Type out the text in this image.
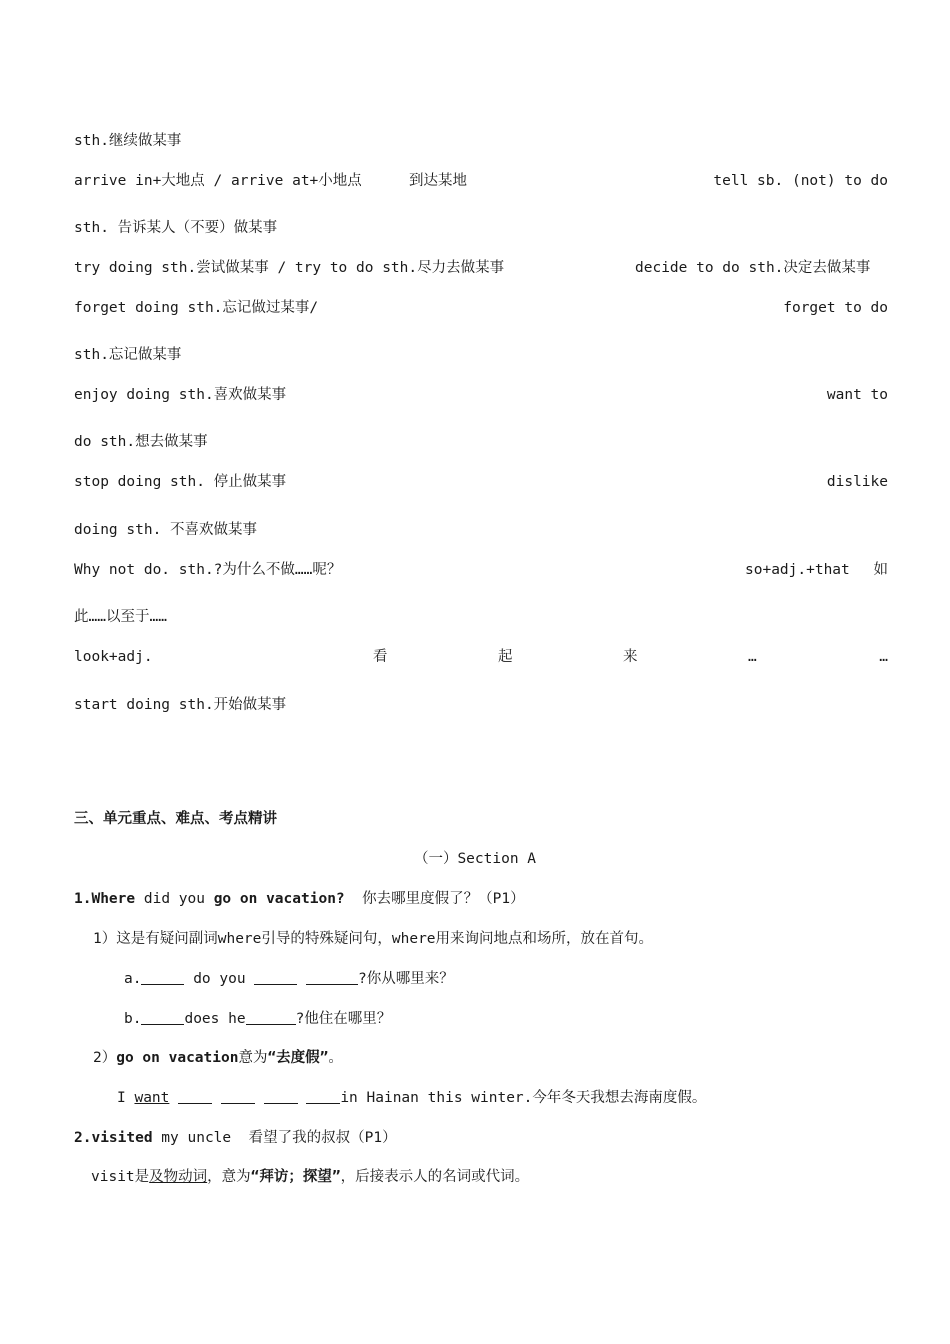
sth.继续做某事
arrive in+大地点 / arrive at+小地点	到达某地	tell sb. (not) to do
sth. 告诉某人（不要）做某事
try doing sth.尝试做某事 / try to do sth.尽力去做某事	decide to do sth.决定去做某事
forget doing sth.忘记做过某事/	forget to do
sth.忘记做某事
enjoy doing sth.喜欢做某事	want to
do sth.想去做某事
stop doing sth. 停止做某事	dislike
doing sth. 不喜欢做某事
Why not do. sth.?为什么不做……呢？	so+adj.+that 如
此……以至于……
look+adj.	看	起	来	…	…
start doing sth.开始做某事
三、单元重点、难点、考点精讲
（一）Section A
1.Where did you go on vacation?  你去哪里度假了？（P1）
1）这是有疑问副词where引导的特殊疑问句，where用来询问地点和场所，放在首句。
a.	do you	?你从哪里来？
b.	does he	?他住在哪里？
2）go on vacation意为“去度假”。
I want	in Hainan this winter.今年冬天我想去海南度假。
2.visited my uncle  看望了我的叔叔（P1）
visit是及物动词，意为“拜访；探望”，后接表示人的名词或代词。
